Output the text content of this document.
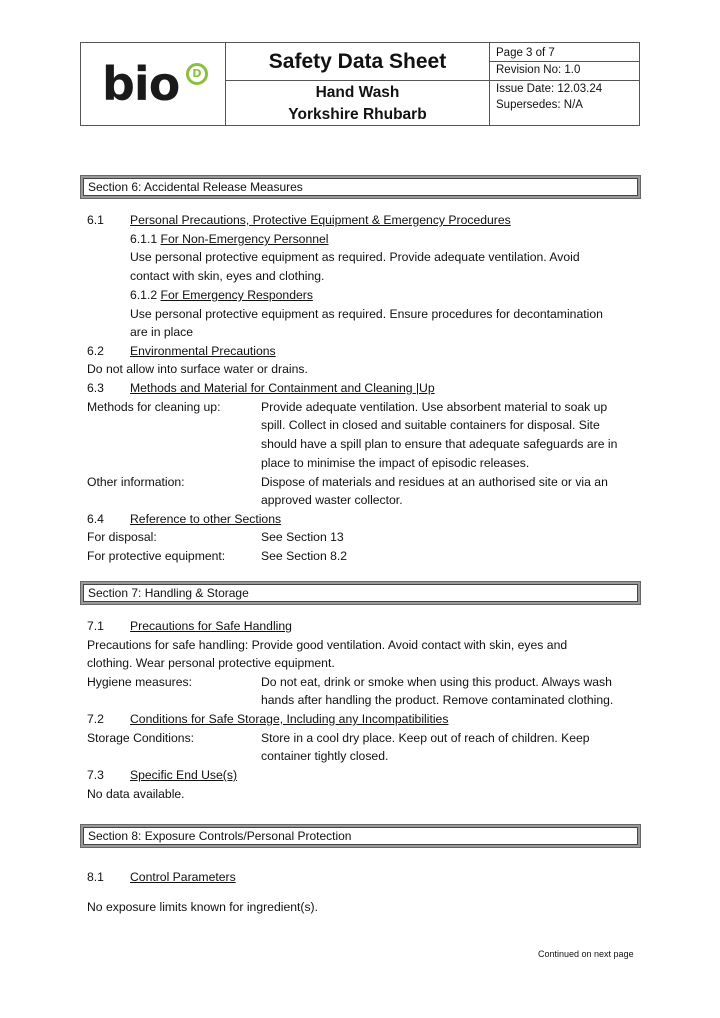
bio	D
Safety Data Sheet
Hand Wash
Yorkshire Rhubarb
Page 3 of 7
Revision No: 1.0
Issue Date: 12.03.24
Supersedes: N/A
Section 6: Accidental Release Measures
6.1 Personal Precautions, Protective Equipment & Emergency Procedures
6.1.1 For Non-Emergency Personnel
Use personal protective equipment as required. Provide adequate ventilation. Avoid
contact with skin, eyes and clothing.
6.1.2 For Emergency Responders
Use personal protective equipment as required. Ensure procedures for decontamination
are in place
6.2 Environmental Precautions
Do not allow into surface water or drains.
6.3 Methods and Material for Containment and Cleaning |Up
Methods for cleaning up:	Provide adequate ventilation. Use absorbent material to soak up
spill. Collect in closed and suitable containers for disposal. Site
should have a spill plan to ensure that adequate safeguards are in
place to minimise the impact of episodic releases.
Other information:	Dispose of materials and residues at an authorised site or via an
approved waster collector.
6.4 Reference to other Sections
For disposal:	See Section 13
For protective equipment:	See Section 8.2
Section 7: Handling & Storage
7.1 Precautions for Safe Handling
Precautions for safe handling: Provide good ventilation. Avoid contact with skin, eyes and
clothing. Wear personal protective equipment.
Hygiene measures:	Do not eat, drink or smoke when using this product. Always wash
hands after handling the product. Remove contaminated clothing.
7.2 Conditions for Safe Storage, Including any Incompatibilities
Storage Conditions:	Store in a cool dry place. Keep out of reach of children. Keep
container tightly closed.
7.3 Specific End Use(s)
No data available.
Section 8: Exposure Controls/Personal Protection
8.1 Control Parameters
No exposure limits known for ingredient(s).
Continued on next page
